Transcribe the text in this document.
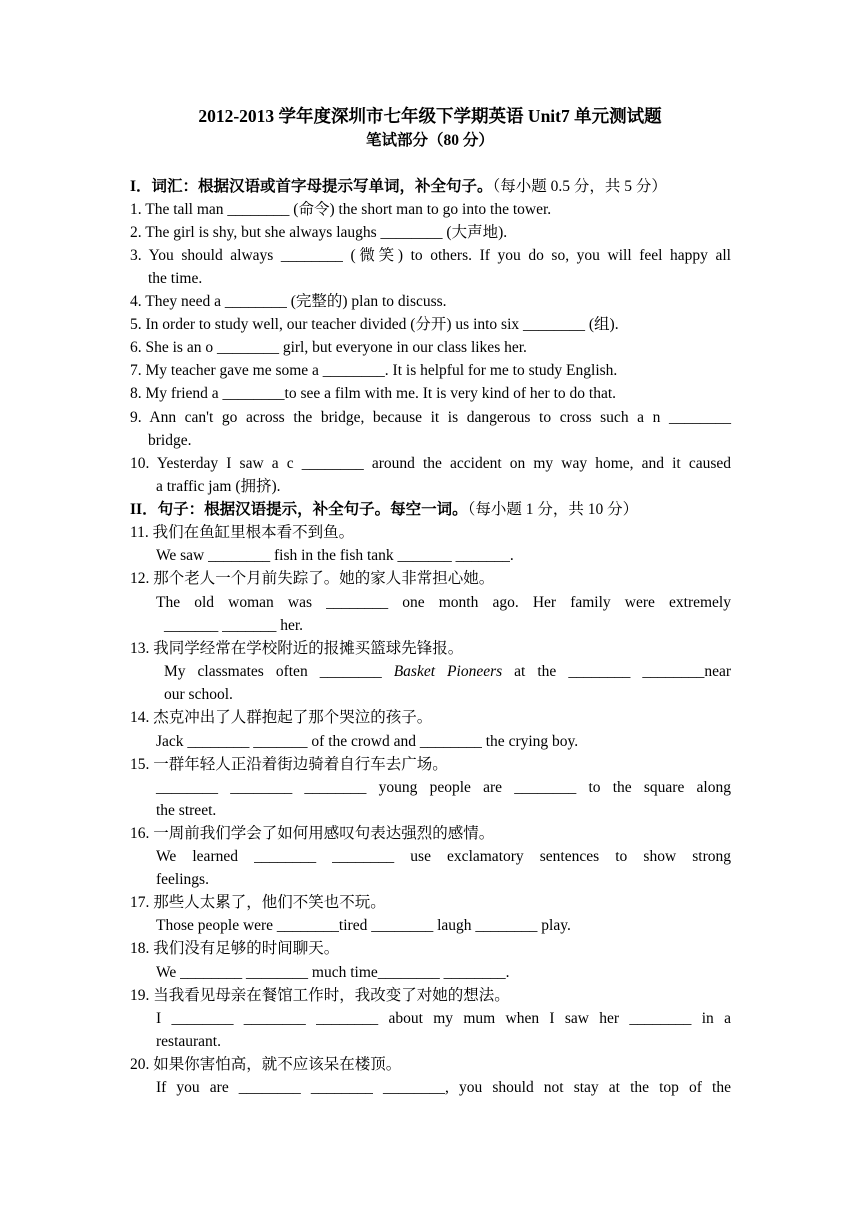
2012-2013 学年度深圳市七年级下学期英语 Unit7 单元测试题
笔试部分（80 分）
I．词汇：根据汉语或首字母提示写单词，补全句子。（每小题 0.5 分，共 5 分）
1. The tall man ________ (命令) the short man to go into the tower.
2. The girl is shy, but she always laughs ________ (大声地).
3. You should always ________ (微笑) to others. If you do so, you will feel happy all
the time.
4. They need a ________ (完整的) plan to discuss.
5. In order to study well, our teacher divided (分开) us into six ________ (组).
6. She is an o ________ girl, but everyone in our class likes her.
7. My teacher gave me some a ________. It is helpful for me to study English.
8. My friend a ________to see a film with me. It is very kind of her to do that.
9. Ann can't go across the bridge, because it is dangerous to cross such a n ________
bridge.
10. Yesterday I saw a c ________ around the accident on my way home, and it caused
a traffic jam (拥挤).
II．句子：根据汉语提示，补全句子。每空一词。（每小题 1 分，共 10 分）
11. 我们在鱼缸里根本看不到鱼。
We saw ________ fish in the fish tank _______ _______.
12. 那个老人一个月前失踪了。她的家人非常担心她。
The old woman was ________ one month ago. Her family were extremely
_______ _______ her.
13. 我同学经常在学校附近的报摊买篮球先锋报。
My classmates often ________ Basket Pioneers at the ________ ________near
our school.
14. 杰克冲出了人群抱起了那个哭泣的孩子。
Jack ________ _______ of the crowd and ________ the crying boy.
15. 一群年轻人正沿着街边骑着自行车去广场。
________ ________ ________ young people are ________ to the square along
the street.
16. 一周前我们学会了如何用感叹句表达强烈的感情。
We learned ________ ________ use exclamatory sentences to show strong
feelings.
17. 那些人太累了，他们不笑也不玩。
Those people were ________tired ________ laugh ________ play.
18. 我们没有足够的时间聊天。
We ________ ________ much time________ ________.
19. 当我看见母亲在餐馆工作时，我改变了对她的想法。
I ________ ________ ________ about my mum when I saw her ________ in a
restaurant.
20. 如果你害怕高，就不应该呆在楼顶。
If you are ________ ________ ________, you should not stay at the top of the
